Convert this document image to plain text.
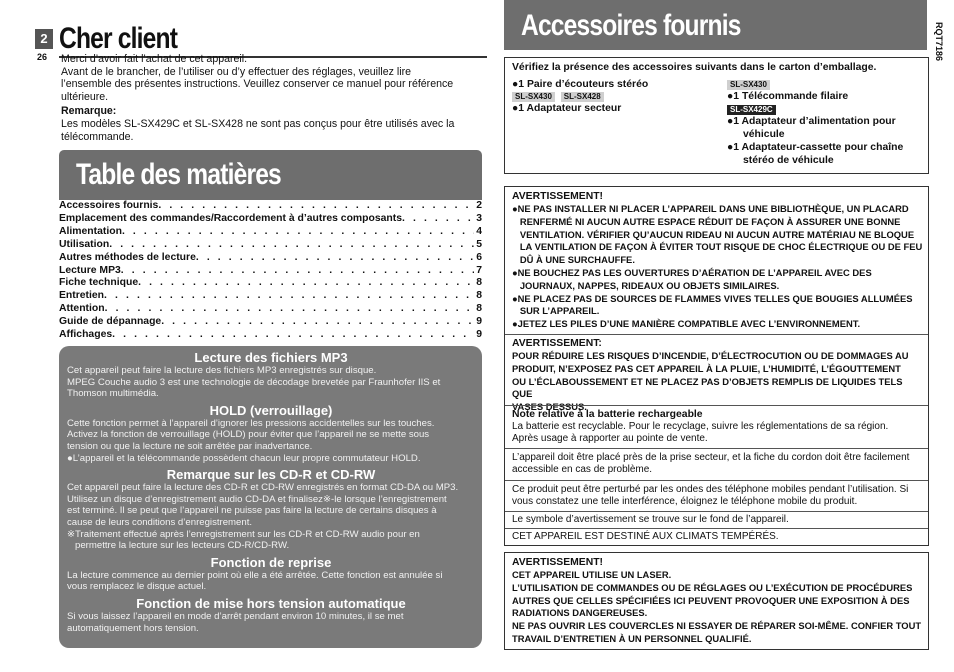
2
26	RQT7186
Cher client
Merci d’avoir fait l’achat de cet appareil.
Avant de le brancher, de l’utiliser ou d’y effectuer des réglages, veuillez lire
l’ensemble des présentes instructions. Veuillez conserver ce manuel pour référence
ultérieure.
Remarque:
Les modèles SL-SX429C et SL-SX428 ne sont pas conçus pour être utilisés avec la
télécommande.
Table des matières
Accessoires fournis . . .	2
Emplacement des commandes/Raccordement à d’autres composants . . .	3
Alimentation . . .	4
Utilisation . . .	5
Autres méthodes de lecture . . .	6
Lecture MP3 . . .	7
Fiche technique . . .	8
Entretien . . .	8
Attention . . .	8
Guide de dépannage . . .	9
Affichages . . .	9
Lecture des fichiers MP3
Cet appareil peut faire la lecture des fichiers MP3 enregistrés sur disque.
MPEG Couche audio 3 est une technologie de décodage brevetée par Fraunhofer IIS et
Thomson multimédia.
HOLD (verrouillage)
Cette fonction permet à l’appareil d’ignorer les pressions accidentelles sur les touches.
Activez la fonction de verrouillage (HOLD) pour éviter que l’appareil ne se mette sous
tension ou que la lecture ne soit arrêtée par inadvertance.
●L’appareil et la télécommande possèdent chacun leur propre commutateur HOLD.
Remarque sur les CD-R et CD-RW
Cet appareil peut faire la lecture des CD-R et CD-RW enregistrés en format CD-DA ou MP3.
Utilisez un disque d’enregistrement audio CD-DA et finalisez※-le lorsque l’enregistrement
est terminé. Il se peut que l’appareil ne puisse pas faire la lecture de certains disques à
cause de leurs conditions d’enregistrement.
※Traitement effectué après l’enregistrement sur les CD-R et CD-RW audio pour en
permettre la lecture sur les lecteurs CD-R/CD-RW.
Fonction de reprise
La lecture commence au dernier point où elle a été arrêtée. Cette fonction est annulée si
vous remplacez le disque actuel.
Fonction de mise hors tension automatique
Si vous laissez l’appareil en mode d’arrêt pendant environ 10 minutes, il se met
automatiquement hors tension.
Accessoires fournis
Vérifiez la présence des accessoires suivants dans le carton d’emballage.
●1 Paire d’écouteurs stéréo
SL-SX430 SL-SX428
●1 Adaptateur secteur
SL-SX430
●1 Télécommande filaire
SL-SX429C
●1 Adaptateur d’alimentation pour
véhicule
●1 Adaptateur-cassette pour chaîne
stéréo de véhicule
AVERTISSEMENT!
●NE PAS INSTALLER NI PLACER L’APPAREIL DANS UNE BIBLIOTHÈQUE, UN PLACARD
RENFERMÉ NI AUCUN AUTRE ESPACE RÉDUIT DE FAÇON À ASSURER UNE BONNE
VENTILATION. VÉRIFIER QU’AUCUN RIDEAU NI AUCUN AUTRE MATÉRIAU NE BLOQUE
LA VENTILATION DE FAÇON À ÉVITER TOUT RISQUE DE CHOC ÉLECTRIQUE OU DE FEU
DÛ À UNE SURCHAUFFE.
●NE BOUCHEZ PAS LES OUVERTURES D’AÉRATION DE L’APPAREIL AVEC DES
JOURNAUX, NAPPES, RIDEAUX OU OBJETS SIMILAIRES.
●NE PLACEZ PAS DE SOURCES DE FLAMMES VIVES TELLES QUE BOUGIES ALLUMÉES
SUR L’APPAREIL.
●JETEZ LES PILES D’UNE MANIÈRE COMPATIBLE AVEC L’ENVIRONNEMENT.
AVERTISSEMENT:
POUR RÉDUIRE LES RISQUES D’INCENDIE, D’ÉLECTROCUTION OU DE DOMMAGES AU
PRODUIT, N’EXPOSEZ PAS CET APPAREIL À LA PLUIE, L’HUMIDITÉ, L’ÉGOUTTEMENT
OU L’ÉCLABOUSSEMENT ET NE PLACEZ PAS D’OBJETS REMPLIS DE LIQUIDES TELS QUE
VASES DESSUS.
Note relative à la batterie rechargeable
La batterie est recyclable. Pour le recyclage, suivre les réglementations de sa région.
Après usage à rapporter au pointe de vente.
L’appareil doit être placé près de la prise secteur, et la fiche du cordon doit être facilement
accessible en cas de problème.
Ce produit peut être perturbé par les ondes des téléphone mobiles pendant l’utilisation. Si
vous constatez une telle interférence, éloignez le téléphone mobile du produit.
Le symbole d’avertissement se trouve sur le fond de l’appareil.
CET APPAREIL EST DESTINÉ AUX CLIMATS TEMPÉRÉS.
AVERTISSEMENT!
CET APPAREIL UTILISE UN LASER.
L’UTILISATION DE COMMANDES OU DE RÉGLAGES OU L’EXÉCUTION DE PROCÉDURES
AUTRES QUE CELLES SPÉCIFIÉES ICI PEUVENT PROVOQUER UNE EXPOSITION À DES
RADIATIONS DANGEREUSES.
NE PAS OUVRIR LES COUVERCLES NI ESSAYER DE RÉPARER SOI-MÊME. CONFIER TOUT
TRAVAIL D’ENTRETIEN À UN PERSONNEL QUALIFIÉ.
